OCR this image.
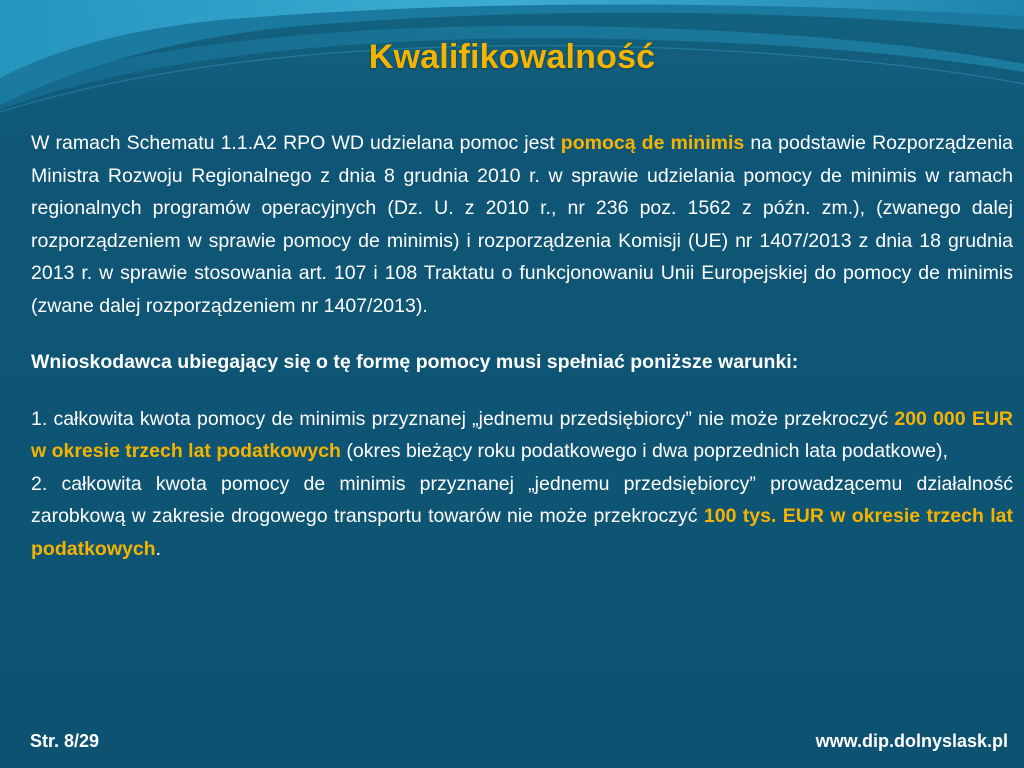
Kwalifikowalność

W ramach Schematu 1.1.A2 RPO WD udzielana pomoc jest pomocą de minimis na podstawie Rozporządzenia Ministra Rozwoju Regionalnego z dnia 8 grudnia 2010 r. w sprawie udzielania pomocy de minimis w ramach regionalnych programów operacyjnych (Dz. U. z 2010 r., nr 236 poz. 1562 z późn. zm.), (zwanego dalej rozporządzeniem w sprawie pomocy de minimis) i rozporządzenia Komisji (UE) nr 1407/2013 z dnia 18 grudnia 2013 r. w sprawie stosowania art. 107 i 108 Traktatu o funkcjonowaniu Unii Europejskiej do pomocy de minimis (zwane dalej rozporządzeniem nr 1407/2013).

Wnioskodawca ubiegający się o tę formę pomocy musi spełniać poniższe warunki:

1. całkowita kwota pomocy de minimis przyznanej „jednemu przedsiębiorcy” nie może przekroczyć 200 000 EUR w okresie trzech lat podatkowych (okres bieżący roku podatkowego i dwa poprzednich lata podatkowe),

2. całkowita kwota pomocy de minimis przyznanej „jednemu przedsiębiorcy” prowadzącemu działalność zarobkową w zakresie drogowego transportu towarów nie może przekroczyć 100 tys. EUR w okresie trzech lat podatkowych.

Str. 8/29	www.dip.dolnyslask.pl
